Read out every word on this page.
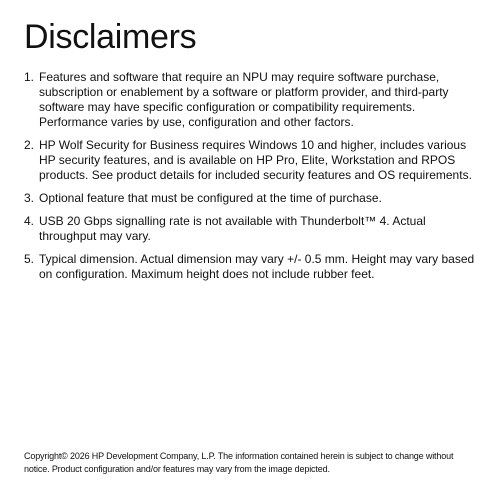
Disclaimers
1. Features and software that require an NPU may require software purchase, subscription or enablement by a software or platform provider, and third-party software may have specific configuration or compatibility requirements. Performance varies by use, configuration and other factors.
2. HP Wolf Security for Business requires Windows 10 and higher, includes various HP security features, and is available on HP Pro, Elite, Workstation and RPOS products. See product details for included security features and OS requirements.
3. Optional feature that must be configured at the time of purchase.
4. USB 20 Gbps signalling rate is not available with Thunderbolt™ 4. Actual throughput may vary.
5. Typical dimension. Actual dimension may vary +/- 0.5 mm. Height may vary based on configuration. Maximum height does not include rubber feet.

Copyright© 2026 HP Development Company, L.P. The information contained herein is subject to change without notice. Product configuration and/or features may vary from the image depicted.
